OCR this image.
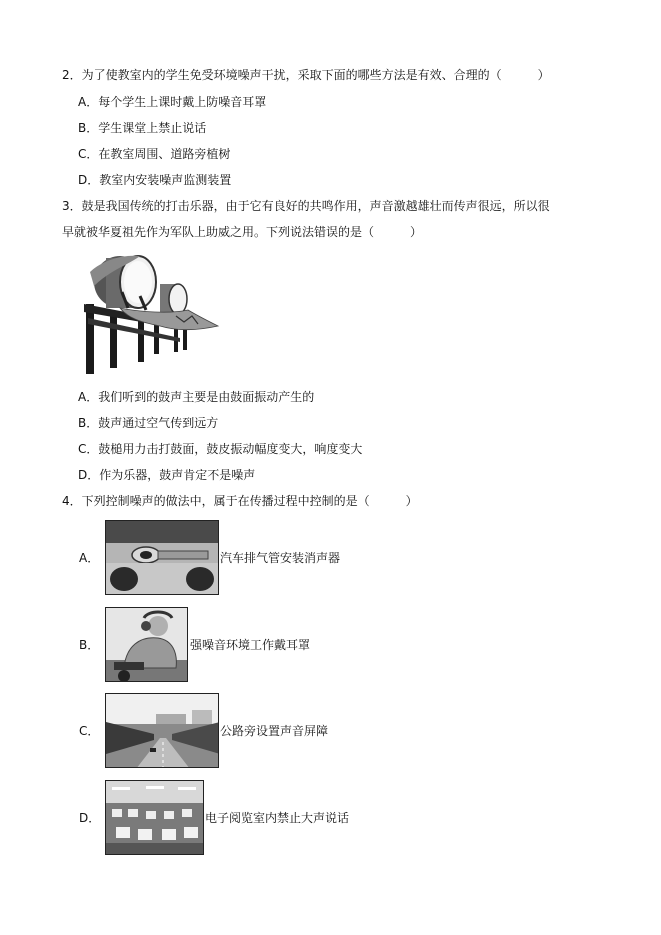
2．为了使教室内的学生免受环境噪声干扰，采取下面的哪些方法是有效、合理的（　　　）
A．每个学生上课时戴上防噪音耳罩
B．学生课堂上禁止说话
C．在教室周围、道路旁植树
D．教室内安装噪声监测装置
3．鼓是我国传统的打击乐器，由于它有良好的共鸣作用，声音激越雄壮而传声很远，所以很
早就被华夏祖先作为军队上助威之用。下列说法错误的是（　　　）
A．我们听到的鼓声主要是由鼓面振动产生的
B．鼓声通过空气传到远方
C．鼓槌用力击打鼓面，鼓皮振动幅度变大，响度变大
D．作为乐器，鼓声肯定不是噪声
4．下列控制噪声的做法中，属于在传播过程中控制的是（　　　）
A．	汽车排气管安装消声器
B．	强噪音环境工作戴耳罩
C．	公路旁设置声音屏障
D．	电子阅览室内禁止大声说话
